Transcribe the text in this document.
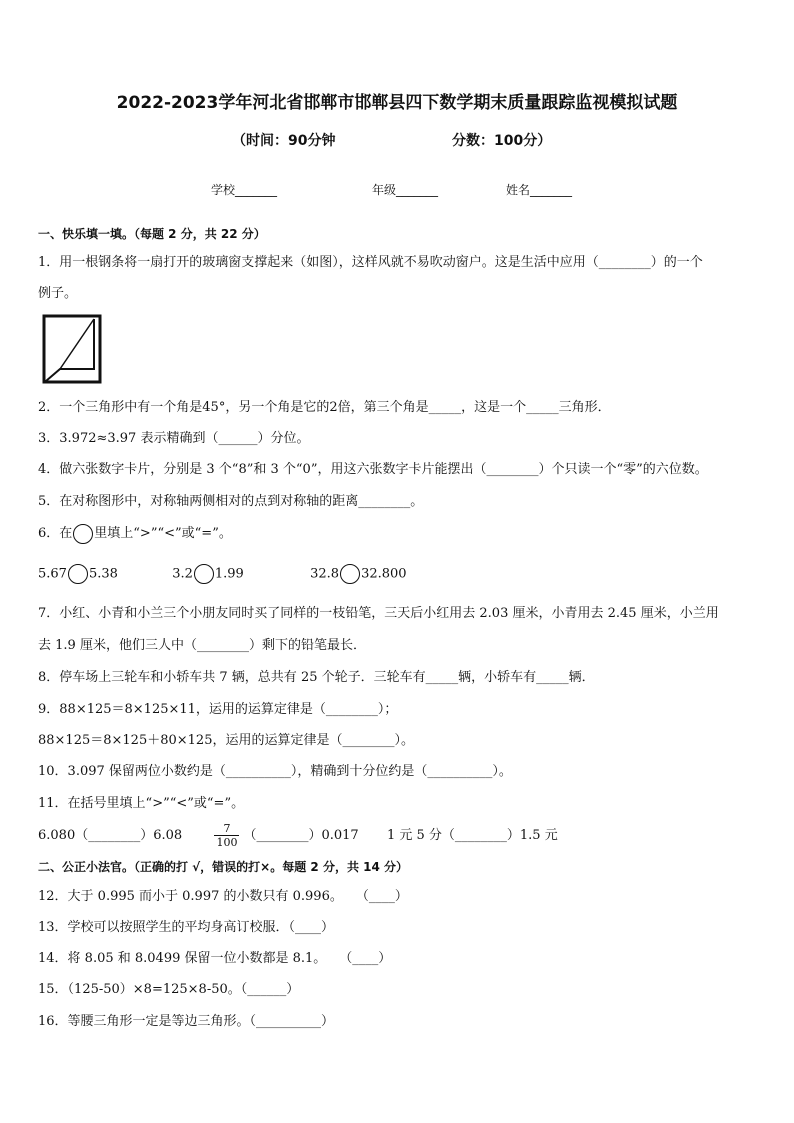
2022-2023学年河北省邯郸市邯郸县四下数学期末质量跟踪监视模拟试题
（时间：90分钟	分数：100分）
学校_______	年级_______	姓名_______
一、快乐填一填。（每题 2 分，共 22 分）
1．用一根钢条将一扇打开的玻璃窗支撑起来（如图），这样风就不易吹动窗户。这是生活中应用（________）的一个
例子。
2．一个三角形中有一个角是45°，另一个角是它的2倍，第三个角是_____，这是一个_____三角形．
3．3.972≈3.97 表示精确到（______）分位。
4．做六张数字卡片，分别是 3 个“8”和 3 个“0”，用这六张数字卡片能摆出（________）个只读一个“零”的六位数。
5．在对称图形中，对称轴两侧相对的点到对称轴的距离________。
6．在 里填上“>”“<”或“=”。
5.67 5.38	3.2 1.99	32.8 32.800
7．小红、小青和小兰三个小朋友同时买了同样的一枝铅笔，三天后小红用去 2.03 厘米，小青用去 2.45 厘米，小兰用
去 1.9 厘米，他们三人中（________）剩下的铅笔最长．
8．停车场上三轮车和小轿车共 7 辆，总共有 25 个轮子．三轮车有_____辆，小轿车有_____辆．
9．88×125＝8×125×11，运用的运算定律是（________）；
88×125＝8×125＋80×125，运用的运算定律是（________）。
10．3.097 保留两位小数约是（__________），精确到十分位约是（__________）。
11．在括号里填上“>”“<”或“=”。
6.080（________）6.08	$\frac{7}{100}$ （________）0.017 1 元 5 分（________）1.5 元
二、公正小法官。（正确的打 √，错误的打×。每题 2 分，共 14 分）
12．大于 0.995 而小于 0.997 的小数只有 0.996。　　（____）
13．学校可以按照学生的平均身高订校服．（____）
14．将 8.05 和 8.0499 保留一位小数都是 8.1。　　（____）
15．（125-50）×8=125×8-50。（______）
16．等腰三角形一定是等边三角形。（__________）
